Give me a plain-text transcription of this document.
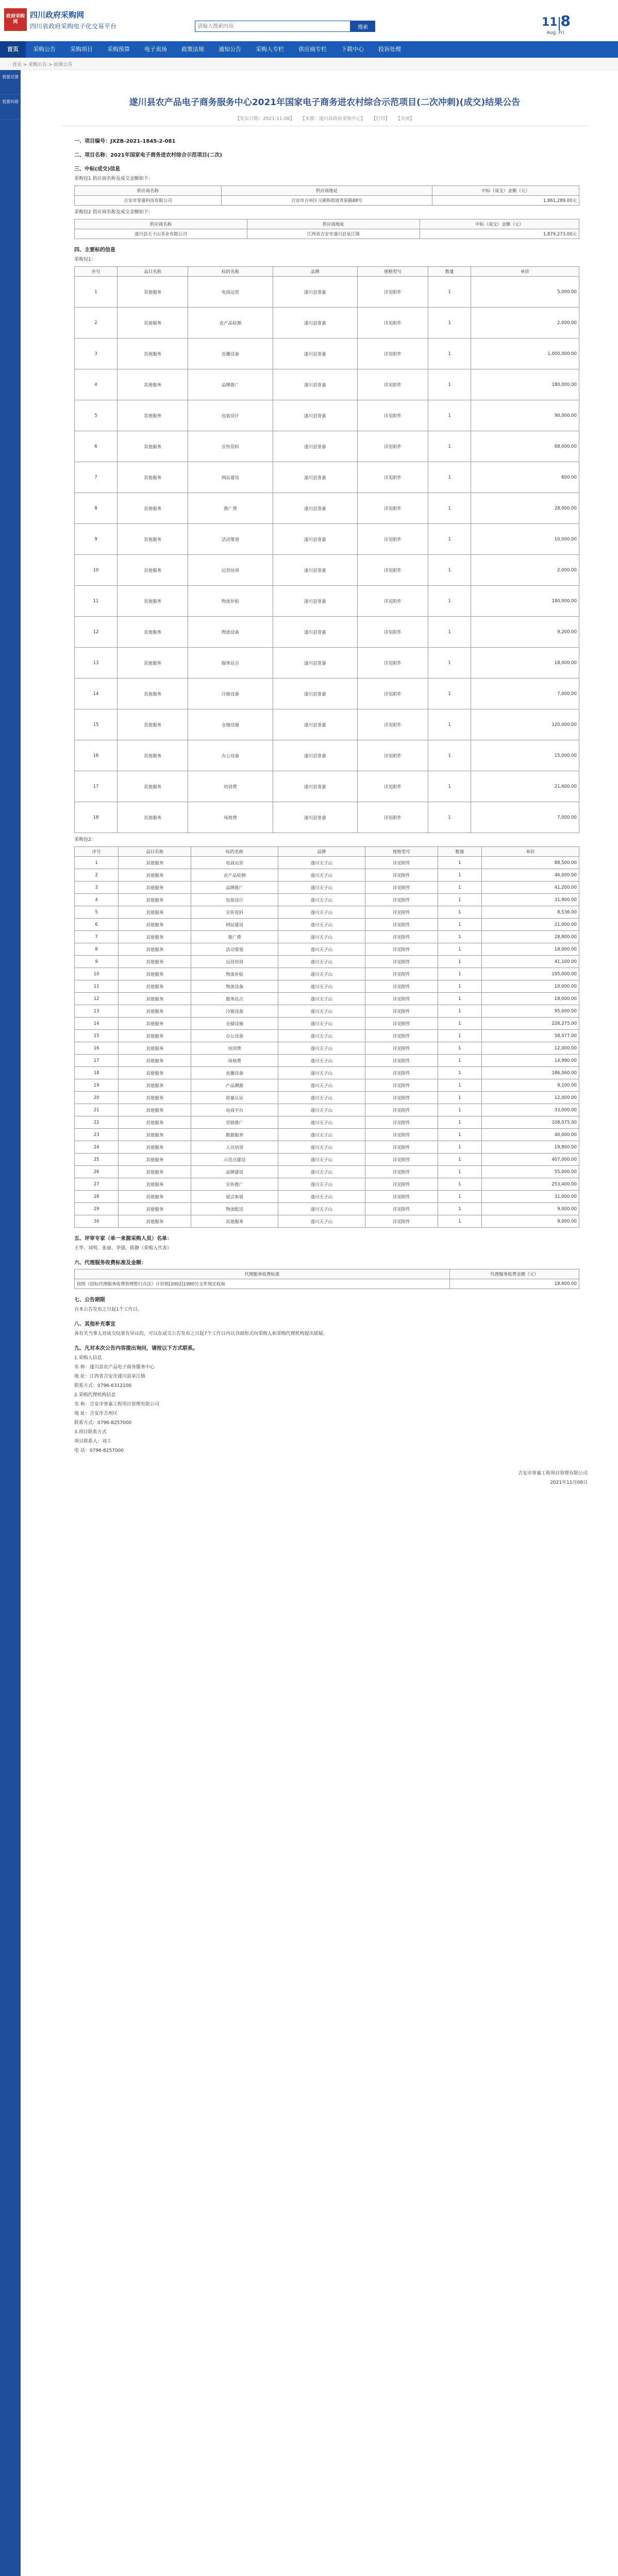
政府采购网
四川政府采购网
四川省政府采购电子化交易平台
请输入搜索内容	搜索	11 8
Aug. Fri.
首页	采购公告	采购项目	采购预算	电子卖场	政策法规	通知公告	采购人专栏	供应商专栏	下载中心	投诉处理
首页 > 采购公告 > 结果公告
我要反馈
我要纠错	遂川县农产品电子商务服务中心2021年国家电子商务进农村综合示范项目(二次冲刺)(成交)结果公告
【发布日期：2021-11-08】 【来源：遂川县政府采购中心】 【打印】 【关闭】
一、项目编号：JXZB-2021-1845-2-081
二、项目名称：2021年国家电子商务进农村综合示范项目(二次)
三、中标(成交)信息
采购包1 供应商名称及成交金额如下：
供应商名称	供应商地址	中标（成交）金额（元）
吉安市誉嘉科技有限公司	吉安市吉州区习溪桥街道青原路88号	1,861,289.00元
采购包2 供应商名称及成交金额如下：
供应商名称	供应商地址	中标（成交）金额（元）
遂川县天子山茶业有限公司	江西省吉安市遂川县泉江镇	1,879,273.00元
四、主要标的信息
采购包1：
序号	品目名称	标的名称	品牌	规格型号	数量	单价
1	其他服务	电商运营	遂川县誉嘉	详见附件	1	5,000.00
2	其他服务	农产品检测	遂川县誉嘉	详见附件	1	2,000.00
3	其他服务	直播设备	遂川县誉嘉	详见附件	1	1,000,000.00
4	其他服务	品牌推广	遂川县誉嘉	详见附件	1	180,000.00
5	其他服务	包装设计	遂川县誉嘉	详见附件	1	90,000.00
6	其他服务	宣传资料	遂川县誉嘉	详见附件	1	68,000.00
7	其他服务	网站建设	遂川县誉嘉	详见附件	1	600.00
8	其他服务	推广费	遂川县誉嘉	详见附件	1	28,000.00
9	其他服务	活动策划	遂川县誉嘉	详见附件	1	10,000.00
10	其他服务	运营培训	遂川县誉嘉	详见附件	1	2,000.00
11	其他服务	物流补贴	遂川县誉嘉	详见附件	1	180,000.00
12	其他服务	物流设备	遂川县誉嘉	详见附件	1	9,200.00
13	其他服务	服务站点	遂川县誉嘉	详见附件	1	18,000.00
14	其他服务	冷链设备	遂川县誉嘉	详见附件	1	7,000.00
15	其他服务	仓储设施	遂川县誉嘉	详见附件	1	120,000.00
16	其他服务	办公设备	遂川县誉嘉	详见附件	1	15,000.00
17	其他服务	培训费	遂川县誉嘉	详见附件	1	21,600.00
18	其他服务	场地费	遂川县誉嘉	详见附件	1	7,000.00
采购包2：
序号	品目名称	标的名称	品牌	规格型号	数量	单价
1	其他服务	电商运营	遂川天子山	详见附件	1	88,500.00
2	其他服务	农产品检测	遂川天子山	详见附件	1	46,000.00
3	其他服务	品牌推广	遂川天子山	详见附件	1	41,200.00
4	其他服务	包装设计	遂川天子山	详见附件	1	31,900.00
5	其他服务	宣传资料	遂川天子山	详见附件	1	8,536.00
6	其他服务	网站建设	遂川天子山	详见附件	1	21,000.00
7	其他服务	推广费	遂川天子山	详见附件	1	28,800.00
8	其他服务	活动策划	遂川天子山	详见附件	1	18,000.00
9	其他服务	运营培训	遂川天子山	详见附件	1	41,100.00
10	其他服务	物流补贴	遂川天子山	详见附件	1	195,000.00
11	其他服务	物流设备	遂川天子山	详见附件	1	10,000.00
12	其他服务	服务站点	遂川天子山	详见附件	1	18,000.00
13	其他服务	冷链设备	遂川天子山	详见附件	1	95,000.00
14	其他服务	仓储设施	遂川天子山	详见附件	1	226,275.00
15	其他服务	办公设备	遂川天子山	详见附件	1	58,077.00
16	其他服务	培训费	遂川天子山	详见附件	1	12,000.00
17	其他服务	场地费	遂川天子山	详见附件	1	14,990.00
18	其他服务	直播设备	遂川天子山	详见附件	1	186,060.00
19	其他服务	产品溯源	遂川天子山	详见附件	1	9,100.00
20	其他服务	质量认证	遂川天子山	详见附件	1	12,000.00
21	其他服务	电商平台	遂川天子山	详见附件	1	33,000.00
22	其他服务	营销推广	遂川天子山	详见附件	1	108,075.00
23	其他服务	数据服务	遂川天子山	详见附件	1	40,000.00
24	其他服务	人员培训	遂川天子山	详见附件	1	19,800.00
25	其他服务	示范点建设	遂川天子山	详见附件	1	407,000.00
26	其他服务	品牌建设	遂川天子山	详见附件	1	55,000.00
27	其他服务	宣传推广	遂川天子山	详见附件	1	253,400.00
28	其他服务	展会参展	遂川天子山	详见附件	1	31,000.00
29	其他服务	物流配送	遂川天子山	详见附件	1	9,000.00
30	其他服务	其他服务	遂川天子山	详见附件	1	9,000.00
五、评审专家（单一来源采购人员）名单：
王华、刘明、张丽、李强、陈静（采购人代表）
六、代理服务收费标准及金额：
代理服务收费标准	代理服务收费金额（元）
按照《招标代理服务收费管理暂行办法》计价格[2002]1980号文件规定收取	18,600.00
七、公告期限
自本公告发布之日起1个工作日。
八、其他补充事宜
各有关当事人对成交结果有异议的，可以在成交公告发布之日起7个工作日内以书面形式向采购人和采购代理机构提出质疑。
九、凡对本次公告内容提出询问，请按以下方式联系。
1.采购人信息
名 称：遂川县农产品电子商务服务中心
地 址：江西省吉安市遂川县泉江镇
联系方式：0796-6312100
2.采购代理机构信息
名 称：吉安市誉嘉工程项目管理有限公司
地 址：吉安市吉州区
联系方式：0796-8257000
3.项目联系方式
项目联系人：刘工
电 话：0796-8257000
吉安市誉嘉工程项目管理有限公司
2021年11月08日
